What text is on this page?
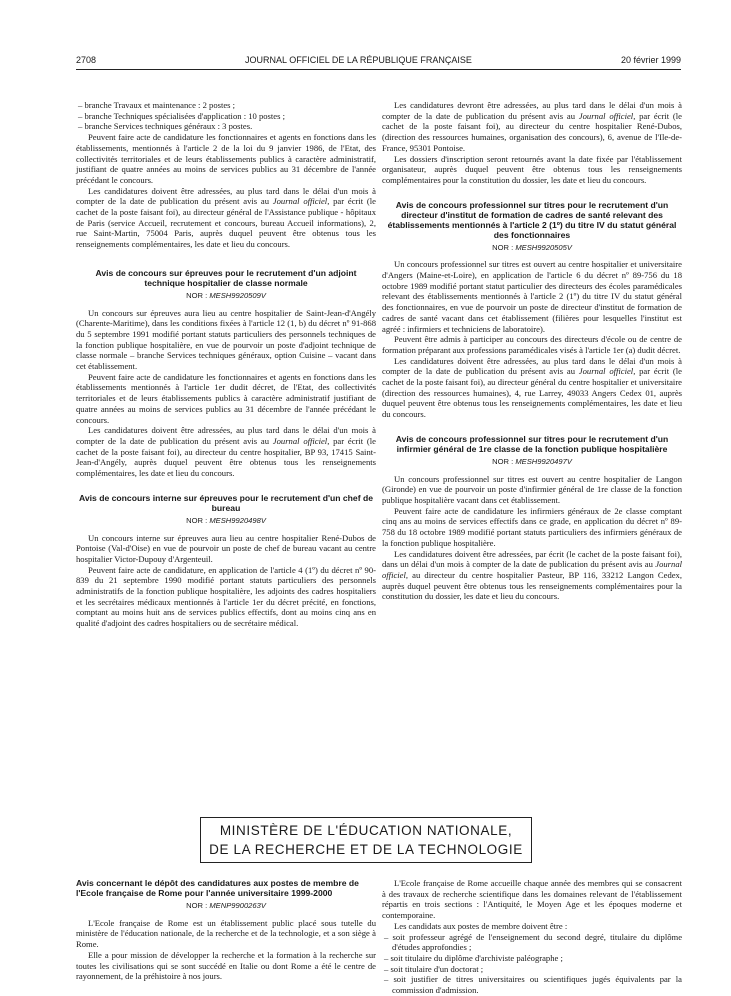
2708	JOURNAL OFFICIEL DE LA RÉPUBLIQUE FRANÇAISE	20 février 1999
– branche Travaux et maintenance : 2 postes ;
– branche Techniques spécialisées d'application : 10 postes ;
– branche Services techniques généraux : 3 postes.

Peuvent faire acte de candidature les fonctionnaires et agents en fonctions dans les établissements, mentionnés à l'article 2 de la loi du 9 janvier 1986, de l'Etat, des collectivités territoriales et de leurs établissements publics à caractère administratif, justifiant de quatre années au moins de services publics au 31 décembre de l'année précédant le concours.

Les candidatures doivent être adressées, au plus tard dans le délai d'un mois à compter de la date de publication du présent avis au Journal officiel, par écrit (le cachet de la poste faisant foi), au directeur général de l'Assistance publique - hôpitaux de Paris (service Accueil, recrutement et concours, bureau Accueil informations), 2, rue Saint-Martin, 75004 Paris, auprès duquel peuvent être obtenus tous les renseignements complémentaires, les date et lieu du concours.

Avis de concours sur épreuves pour le recrutement d'un adjoint technique hospitalier de classe normale
NOR : MESH9920509V

Un concours sur épreuves aura lieu au centre hospitalier de Saint-Jean-d'Angély (Charente-Maritime), dans les conditions fixées à l'article 12 (1, b) du décret nº 91-868 du 5 septembre 1991 modifié portant statuts particuliers des personnels techniques de la fonction publique hospitalière, en vue de pourvoir un poste d'adjoint technique de classe normale – branche Services techniques généraux, option Cuisine – vacant dans cet établissement.

Peuvent faire acte de candidature les fonctionnaires et agents en fonctions dans les établissements mentionnés à l'article 1er dudit décret, de l'Etat, des collectivités territoriales et de leurs établissements publics à caractère administratif justifiant de quatre années au moins de services publics au 31 décembre de l'année précédant le concours.

Les candidatures doivent être adressées, au plus tard dans le délai d'un mois à compter de la date de publication du présent avis au Journal officiel, par écrit (le cachet de la poste faisant foi), au directeur du centre hospitalier, BP 93, 17415 Saint-Jean-d'Angély, auprès duquel peuvent être obtenus tous les renseignements complémentaires, les date et lieu du concours.

Avis de concours interne sur épreuves pour le recrutement d'un chef de bureau
NOR : MESH9920498V

Un concours interne sur épreuves aura lieu au centre hospitalier René-Dubos de Pontoise (Val-d'Oise) en vue de pourvoir un poste de chef de bureau vacant au centre hospitalier Victor-Dupouy d'Argenteuil.

Peuvent faire acte de candidature, en application de l'article 4 (1º) du décret nº 90-839 du 21 septembre 1990 modifié portant statuts particuliers des personnels administratifs de la fonction publique hospitalière, les adjoints des cadres hospitaliers et les secrétaires médicaux mentionnés à l'article 1er du décret précité, en fonctions, comptant au moins huit ans de services publics effectifs, dont au moins cinq ans en qualité d'adjoint des cadres hospitaliers ou de secrétaire médical.

Les candidatures devront être adressées, au plus tard dans le délai d'un mois à compter de la date de publication du présent avis au Journal officiel, par écrit (le cachet de la poste faisant foi), au directeur du centre hospitalier René-Dubos, (direction des ressources humaines, organisation des concours), 6, avenue de l'Ile-de-France, 95301 Pontoise.

Les dossiers d'inscription seront retournés avant la date fixée par l'établissement organisateur, auprès duquel peuvent être obtenus tous les renseignements complémentaires pour la constitution du dossier, les date et lieu du concours.

Avis de concours professionnel sur titres pour le recrutement d'un directeur d'institut de formation de cadres de santé relevant des établissements mentionnés à l'article 2 (1º) du titre IV du statut général des fonctionnaires
NOR : MESH9920505V

Un concours professionnel sur titres est ouvert au centre hospitalier et universitaire d'Angers (Maine-et-Loire), en application de l'article 6 du décret nº 89-756 du 18 octobre 1989 modifié portant statut particulier des directeurs des écoles paramédicales relevant des établissements mentionnés à l'article 2 (1º) du titre IV du statut général des fonctionnaires, en vue de pourvoir un poste de directeur d'institut de formation de cadres de santé vacant dans cet établissement (filières pour lesquelles l'institut est agréé : infirmiers et techniciens de laboratoire).

Peuvent être admis à participer au concours des directeurs d'école ou de centre de formation préparant aux professions paramédicales visés à l'article 1er (a) dudit décret.

Les candidatures doivent être adressées, au plus tard dans le délai d'un mois à compter de la date de publication du présent avis au Journal officiel, par écrit (le cachet de la poste faisant foi), au directeur général du centre hospitalier et universitaire (direction des ressources humaines), 4, rue Larrey, 49033 Angers Cedex 01, auprès duquel peuvent être obtenus tous les renseignements complémentaires, les date et lieu du concours.

Avis de concours professionnel sur titres pour le recrutement d'un infirmier général de 1re classe de la fonction publique hospitalière
NOR : MESH9920497V

Un concours professionnel sur titres est ouvert au centre hospitalier de Langon (Gironde) en vue de pourvoir un poste d'infirmier général de 1re classe de la fonction publique hospitalière vacant dans cet établissement.

Peuvent faire acte de candidature les infirmiers généraux de 2e classe comptant cinq ans au moins de services effectifs dans ce grade, en application du décret nº 89-758 du 18 octobre 1989 modifié portant statuts particuliers des infirmiers généraux de la fonction publique hospitalière.

Les candidatures doivent être adressées, par écrit (le cachet de la poste faisant foi), dans un délai d'un mois à compter de la date de publication du présent avis au Journal officiel, au directeur du centre hospitalier Pasteur, BP 116, 33212 Langon Cedex, auprès duquel peuvent être obtenus tous les renseignements complémentaires pour la constitution du dossier, les date et lieu du concours.

MINISTÈRE DE L'ÉDUCATION NATIONALE,
DE LA RECHERCHE ET DE LA TECHNOLOGIE
Avis concernant le dépôt des candidatures aux postes de membre de l'Ecole française de Rome pour l'année universitaire 1999-2000
NOR : MENP9900263V

L'Ecole française de Rome est un établissement public placé sous tutelle du ministère de l'éducation nationale, de la recherche et de la technologie, et a son siège à Rome.

Elle a pour mission de développer la recherche et la formation à la recherche sur toutes les civilisations qui se sont succédé en Italie ou dont Rome a été le centre de rayonnement, de la préhistoire à nos jours.

L'Ecole française de Rome accueille chaque année des membres qui se consacrent à des travaux de recherche scientifique dans les domaines relevant de l'établissement répartis en trois sections : l'Antiquité, le Moyen Age et les époques moderne et contemporaine.

Les candidats aux postes de membre doivent être :

– soit professeur agrégé de l'enseignement du second degré, titulaire du diplôme d'études approfondies ;
– soit titulaire du diplôme d'archiviste paléographe ;
– soit titulaire d'un doctorat ;
– soit justifier de titres universitaires ou scientifiques jugés équivalents par la commission d'admission.
